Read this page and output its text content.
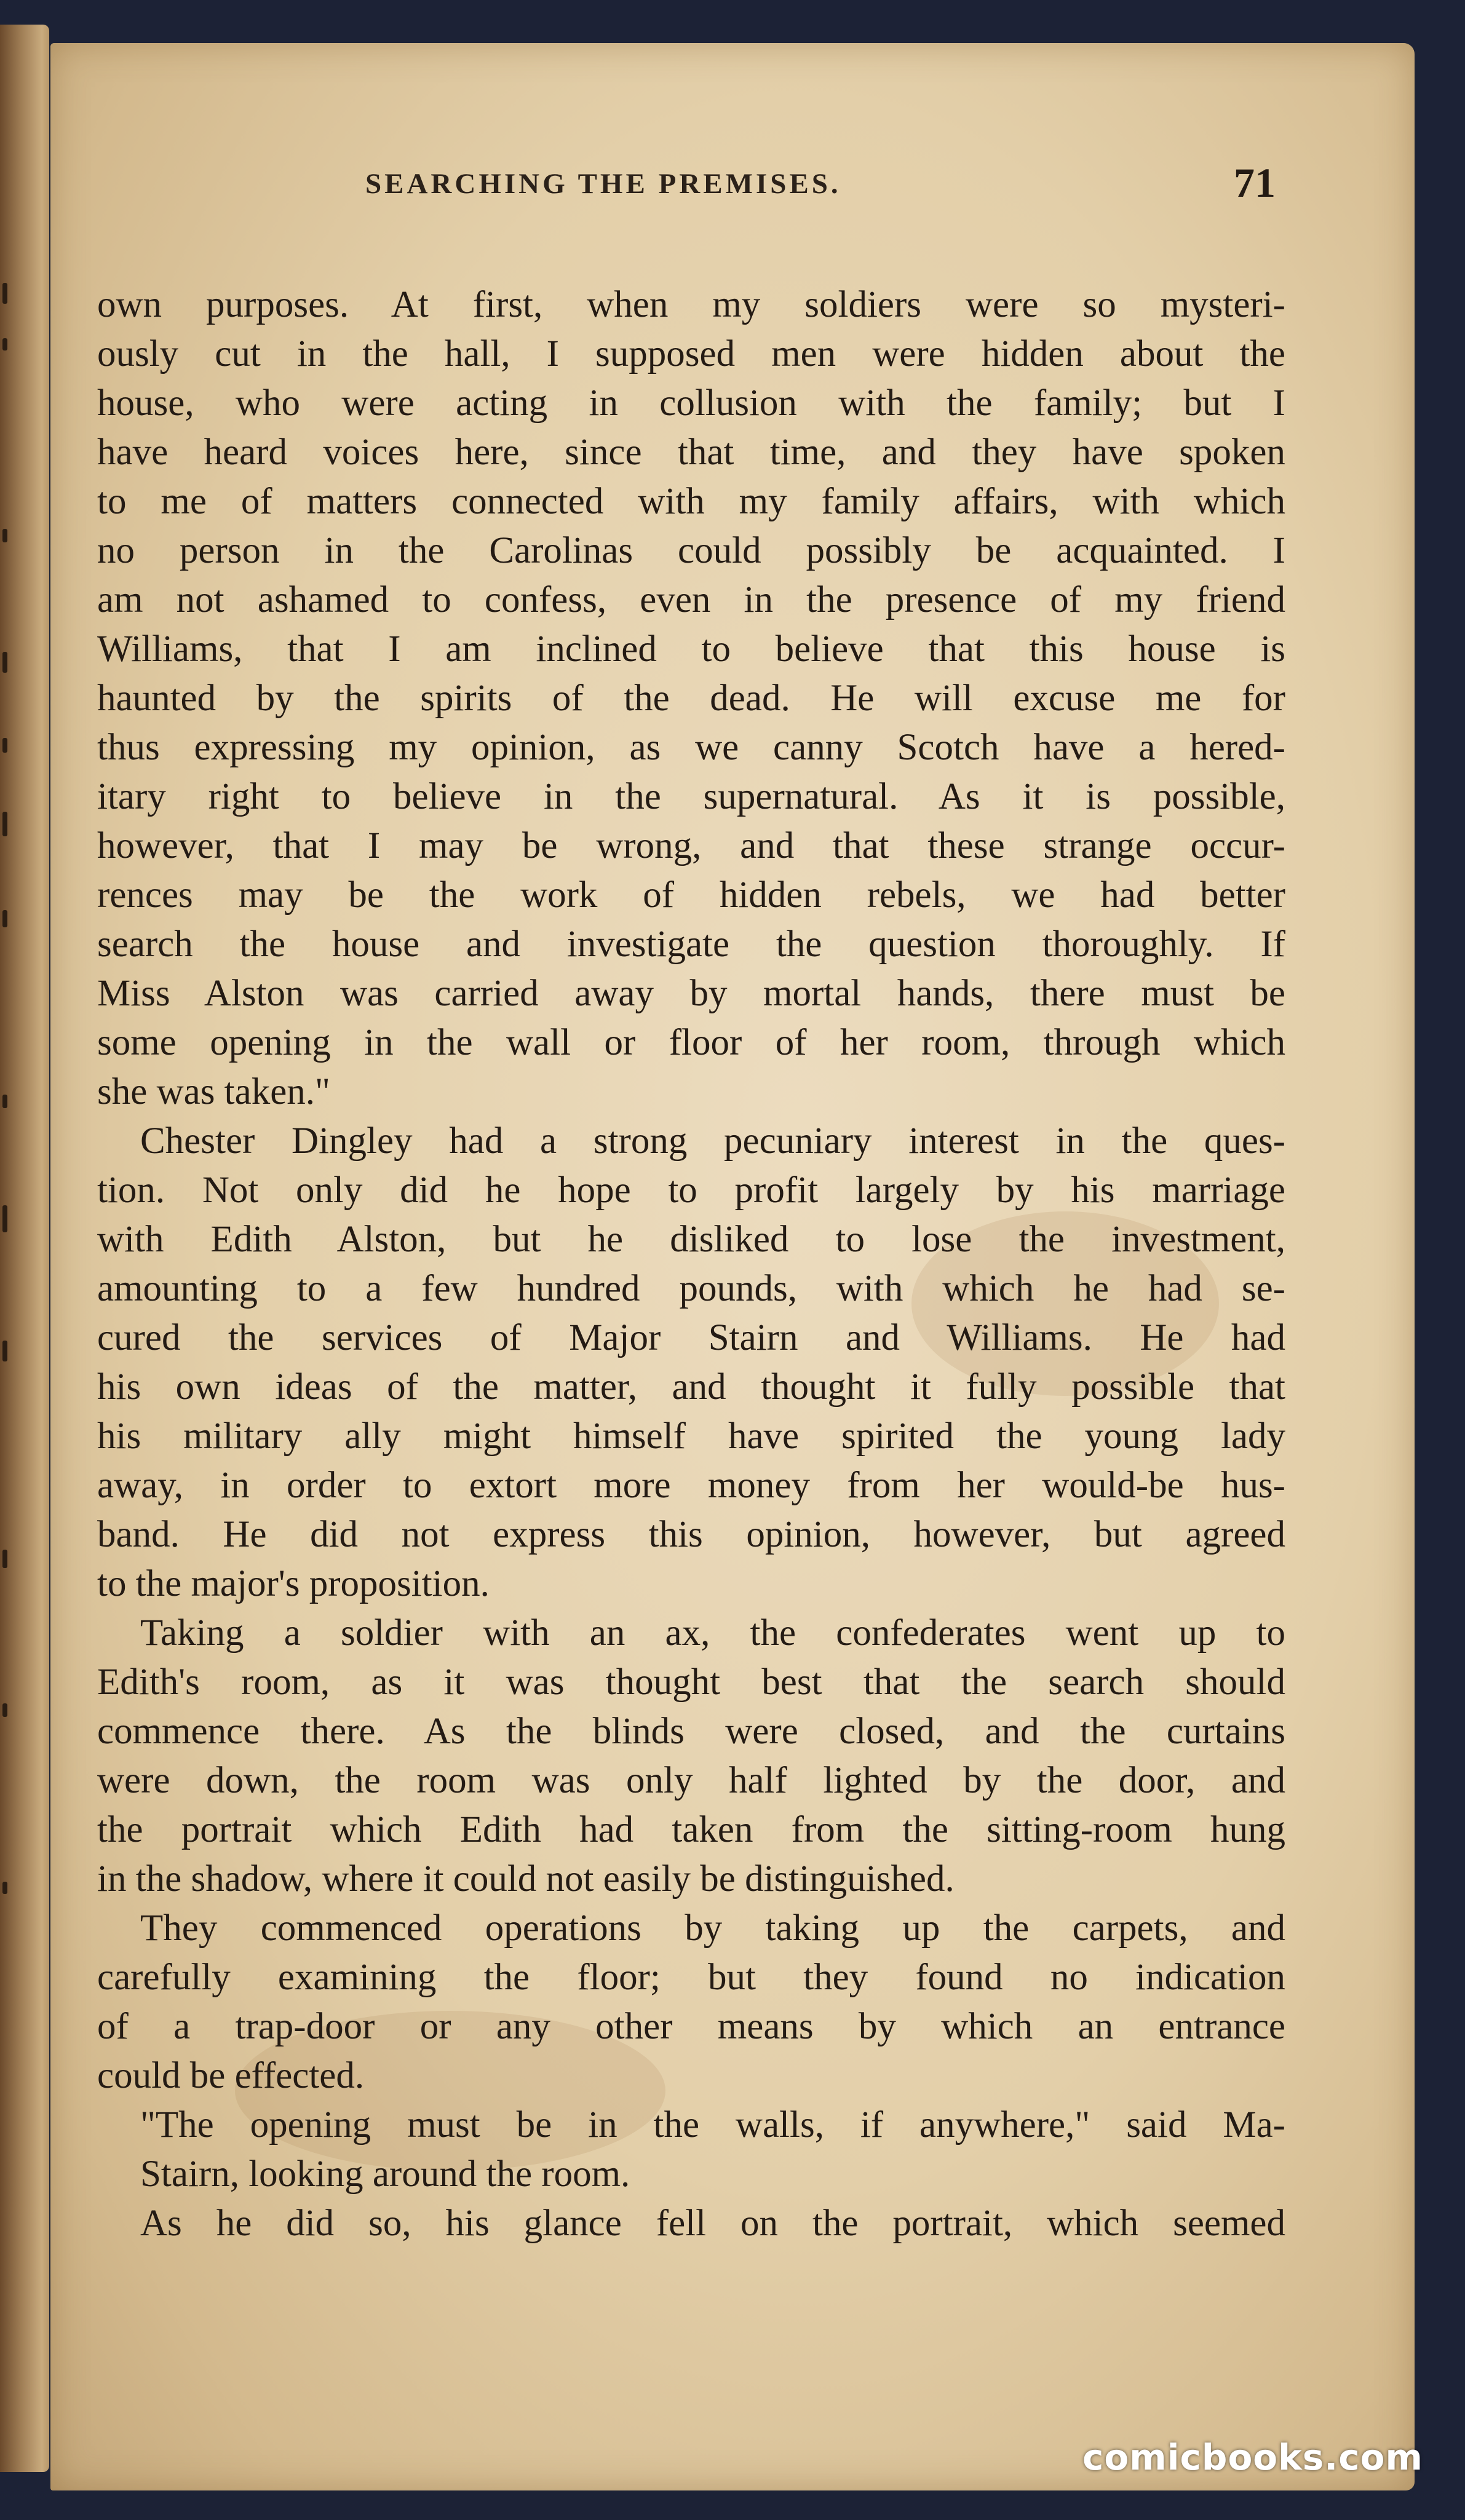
SEARCHING THE PREMISES.	71
own purposes. At first, when my soldiers were so mysteri-
ously cut in the hall, I supposed men were hidden about the
house, who were acting in collusion with the family; but I
have heard voices here, since that time, and they have spoken
to me of matters connected with my family affairs, with which
no person in the Carolinas could possibly be acquainted. I
am not ashamed to confess, even in the presence of my friend
Williams, that I am inclined to believe that this house is
haunted by the spirits of the dead. He will excuse me for
thus expressing my opinion, as we canny Scotch have a hered-
itary right to believe in the supernatural. As it is possible,
however, that I may be wrong, and that these strange occur-
rences may be the work of hidden rebels, we had better
search the house and investigate the question thoroughly. If
Miss Alston was carried away by mortal hands, there must be
some opening in the wall or floor of her room, through which
she was taken."
Chester Dingley had a strong pecuniary interest in the ques-
tion. Not only did he hope to profit largely by his marriage
with Edith Alston, but he disliked to lose the investment,
amounting to a few hundred pounds, with which he had se-
cured the services of Major Stairn and Williams. He had
his own ideas of the matter, and thought it fully possible that
his military ally might himself have spirited the young lady
away, in order to extort more money from her would-be hus-
band. He did not express this opinion, however, but agreed
to the major's proposition.
Taking a soldier with an ax, the confederates went up to
Edith's room, as it was thought best that the search should
commence there. As the blinds were closed, and the curtains
were down, the room was only half lighted by the door, and
the portrait which Edith had taken from the sitting-room hung
in the shadow, where it could not easily be distinguished.
They commenced operations by taking up the carpets, and
carefully examining the floor; but they found no indication
of a trap-door or any other means by which an entrance
could be effected.
"The opening must be in the walls, if anywhere," said Ma-
Stairn, looking around the room.
As he did so, his glance fell on the portrait, which seemed
comicbooks.com
